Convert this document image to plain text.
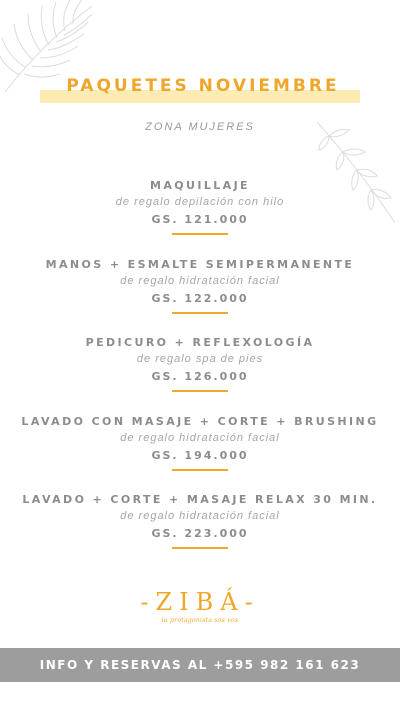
PAQUETES NOVIEMBRE
ZONA MUJERES
MAQUILLAJE
de regalo depilación con hilo
GS. 121.000
MANOS + ESMALTE SEMIPERMANENTE
de regalo hidratación facial
GS. 122.000
PEDICURO + REFLEXOLOGÍA
de regalo spa de pies
GS. 126.000
LAVADO CON MASAJE + CORTE + BRUSHING
de regalo hidratación facial
GS. 194.000
LAVADO + CORTE + MASAJE RELAX 30 MIN.
de regalo hidratación facial
GS. 223.000
-ZIBÁ-
la protagonista sos vos
INFO Y RESERVAS AL +595 982 161 623
